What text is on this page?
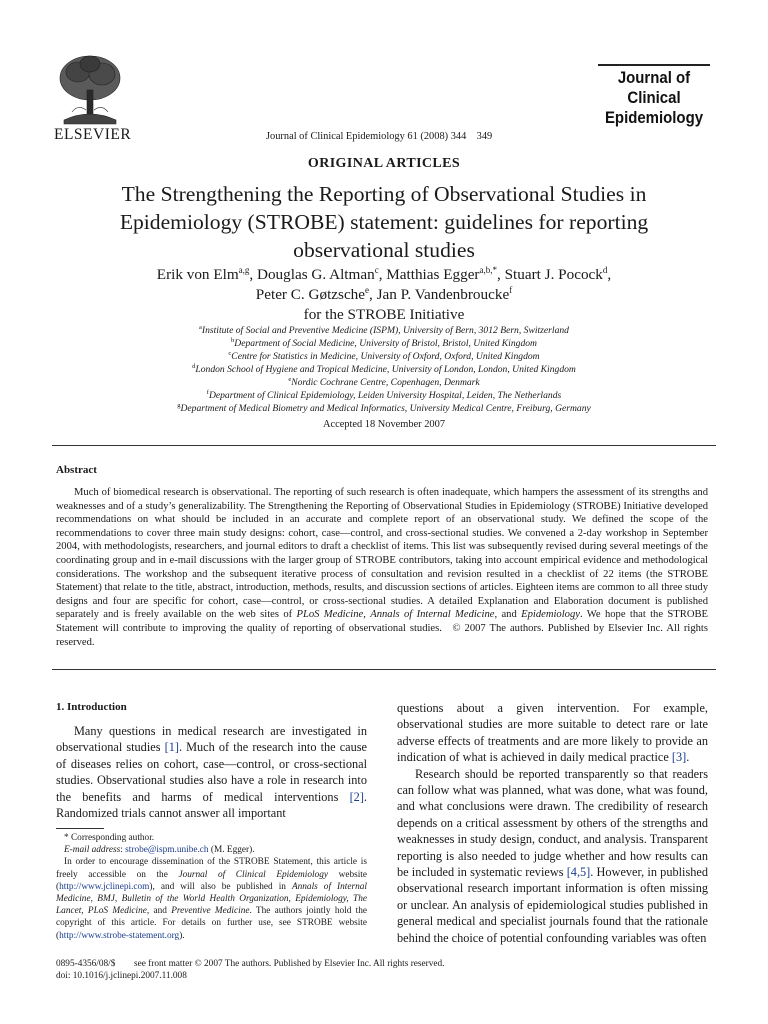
ELSEVIER	Journal of Clinical Epidemiology 61 (2008) 344 349
Journal of
Clinical
Epidemiology
ORIGINAL ARTICLES
The Strengthening the Reporting of Observational Studies in
Epidemiology (STROBE) statement: guidelines for reporting
observational studies
Erik von Elm$^{a,g}$, Douglas G. Altman$^c$, Matthias Egger$^{a,b,*}$, Stuart J. Pocock$^d$,
Peter C. Gøtzsche$^e$, Jan P. Vandenbroucke$^f$
for the STROBE Initiative
$^a$Institute of Social and Preventive Medicine (ISPM), University of Bern, 3012 Bern, Switzerland
$^b$Department of Social Medicine, University of Bristol, Bristol, United Kingdom
$^c$Centre for Statistics in Medicine, University of Oxford, Oxford, United Kingdom
$^d$London School of Hygiene and Tropical Medicine, University of London, London, United Kingdom
$^e$Nordic Cochrane Centre, Copenhagen, Denmark
$^f$Department of Clinical Epidemiology, Leiden University Hospital, Leiden, The Netherlands
$^g$Department of Medical Biometry and Medical Informatics, University Medical Centre, Freiburg, Germany
Accepted 18 November 2007
Abstract
Much of biomedical research is observational. The reporting of such research is often inadequate, which hampers the assessment of its strengths and weaknesses and of a study’s generalizability. The Strengthening the Reporting of Observational Studies in Epidemiology (STROBE) Initiative developed recommendations on what should be included in an accurate and complete report of an observational study. We defined the scope of the recommendations to cover three main study designs: cohort, case—control, and cross-sectional studies. We convened a 2-day workshop in September 2004, with methodologists, researchers, and journal editors to draft a checklist of items. This list was subsequently revised during several meetings of the coordinating group and in e-mail discussions with the larger group of STROBE contributors, taking into account empirical evidence and methodological considerations. The workshop and the subsequent iterative process of consultation and revision resulted in a checklist of 22 items (the STROBE Statement) that relate to the title, abstract, introduction, methods, results, and discussion sections of articles. Eighteen items are common to all three study designs and four are specific for cohort, case—control, or cross-sectional studies. A detailed Explanation and Elaboration document is published separately and is freely available on the web sites of PLoS Medicine, Annals of Internal Medicine, and Epidemiology. We hope that the STROBE Statement will contribute to improving the quality of reporting of observational studies. © 2007 The authors. Published by Elsevier Inc. All rights reserved.
1. Introduction
Many questions in medical research are investigated in observational studies [1]. Much of the research into the cause of diseases relies on cohort, case—control, or cross-sectional studies. Observational studies also have a role in research into the benefits and harms of medical interventions [2]. Randomized trials cannot answer all important
* Corresponding author.
E-mail address: strobe@ispm.unibe.ch (M. Egger).
In order to encourage dissemination of the STROBE Statement, this article is freely accessible on the Journal of Clinical Epidemiology website (http://www.jclinepi.com), and will also be published in Annals of Internal Medicine, BMJ, Bulletin of the World Health Organization, Epidemiology, The Lancet, PLoS Medicine, and Preventive Medicine. The authors jointly hold the copyright of this article. For details on further use, see STROBE website (http://www.strobe-statement.org).
questions about a given intervention. For example, observational studies are more suitable to detect rare or late adverse effects of treatments and are more likely to provide an indication of what is achieved in daily medical practice [3].
Research should be reported transparently so that readers can follow what was planned, what was done, what was found, and what conclusions were drawn. The credibility of research depends on a critical assessment by others of the strengths and weaknesses in study design, conduct, and analysis. Transparent reporting is also needed to judge whether and how results can be included in systematic reviews [4,5]. However, in published observational research important information is often missing or unclear. An analysis of epidemiological studies published in general medical and specialist journals found that the rationale behind the choice of potential confounding variables was often
0895-4356/08/$  see front matter © 2007 The authors. Published by Elsevier Inc. All rights reserved.
doi: 10.1016/j.jclinepi.2007.11.008
